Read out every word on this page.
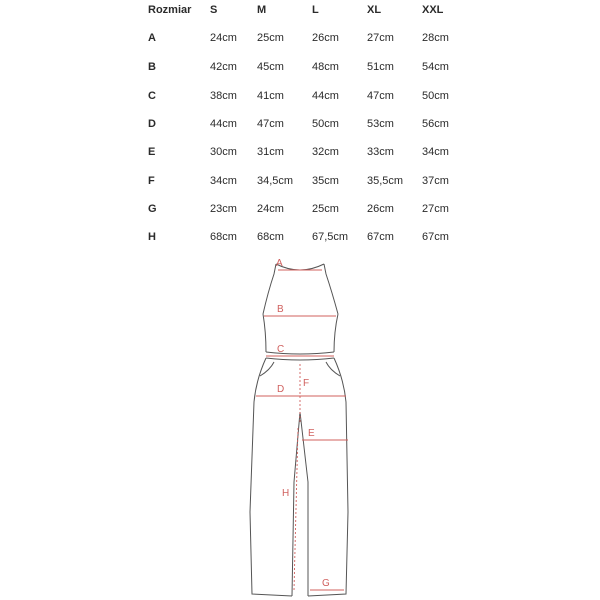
Rozmiar S	M	L	XL	XXL
A	24cm 25cm	26cm	27cm	28cm
B	42cm 45cm	48cm	51cm	54cm
C	38cm 41cm	44cm	47cm	50cm
D	44cm 47cm	50cm	53cm	56cm
E	30cm 31cm	32cm	33cm	34cm
F	34cm 34,5cm 35cm	35,5cm 37cm
G	23cm 24cm	25cm	26cm	27cm
H	68cm 68cm	67,5cm 67cm	67cm
A
B
C
D
F
E
H
G
